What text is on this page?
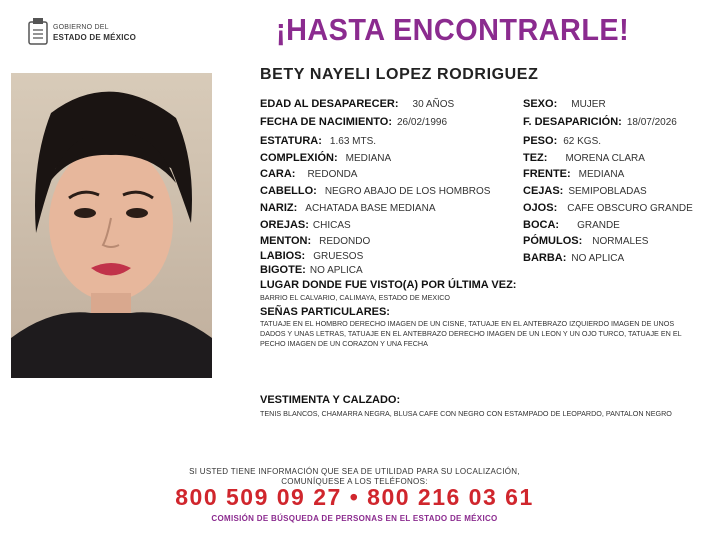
GOBIERNO DEL
ESTADO DE MÉXICO	¡HASTA ENCONTRARLE!
BETY NAYELI LOPEZ RODRIGUEZ
EDAD AL DESAPARECER: 30 AÑOS
FECHA DE NACIMIENTO: 26/02/1996
ESTATURA: 1.63 MTS.
COMPLEXIÓN: MEDIANA
CARA: REDONDA
CABELLO: NEGRO ABAJO DE LOS HOMBROS
NARIZ: ACHATADA BASE MEDIANA
OREJAS: CHICAS
MENTON: REDONDO
LABIOS: GRUESOS
BIGOTE: NO APLICA
SEXO: MUJER
F. DESAPARICIÓN: 18/07/2026
PESO: 62 KGS.
TEZ: MORENA CLARA
FRENTE: MEDIANA
CEJAS: SEMIPOBLADAS
OJOS: CAFE OBSCURO GRANDE
BOCA: GRANDE
PÓMULOS: NORMALES
BARBA: NO APLICA
LUGAR DONDE FUE VISTO(A) POR ÚLTIMA VEZ:
BARRIO EL CALVARIO, CALIMAYA, ESTADO DE MEXICO
SEÑAS PARTICULARES:
TATUAJE EN EL HOMBRO DERECHO IMAGEN DE UN CISNE, TATUAJE EN EL ANTEBRAZO IZQUIERDO IMAGEN DE UNOS DADOS Y UNAS LETRAS, TATUAJE EN EL ANTEBRAZO DERECHO IMAGEN DE UN LEON Y UN OJO TURCO, TATUAJE EN EL PECHO IMAGEN DE UN CORAZON Y UNA FECHA
VESTIMENTA Y CALZADO:
TENIS BLANCOS, CHAMARRA NEGRA, BLUSA CAFE CON NEGRO CON ESTAMPADO DE LEOPARDO, PANTALON NEGRO
SI USTED TIENE INFORMACIÓN QUE SEA DE UTILIDAD PARA SU LOCALIZACIÓN,
COMUNÍQUESE A LOS TELÉFONOS:
800 509 09 27 • 800 216 03 61
COMISIÓN DE BÚSQUEDA DE PERSONAS EN EL ESTADO DE MÉXICO
